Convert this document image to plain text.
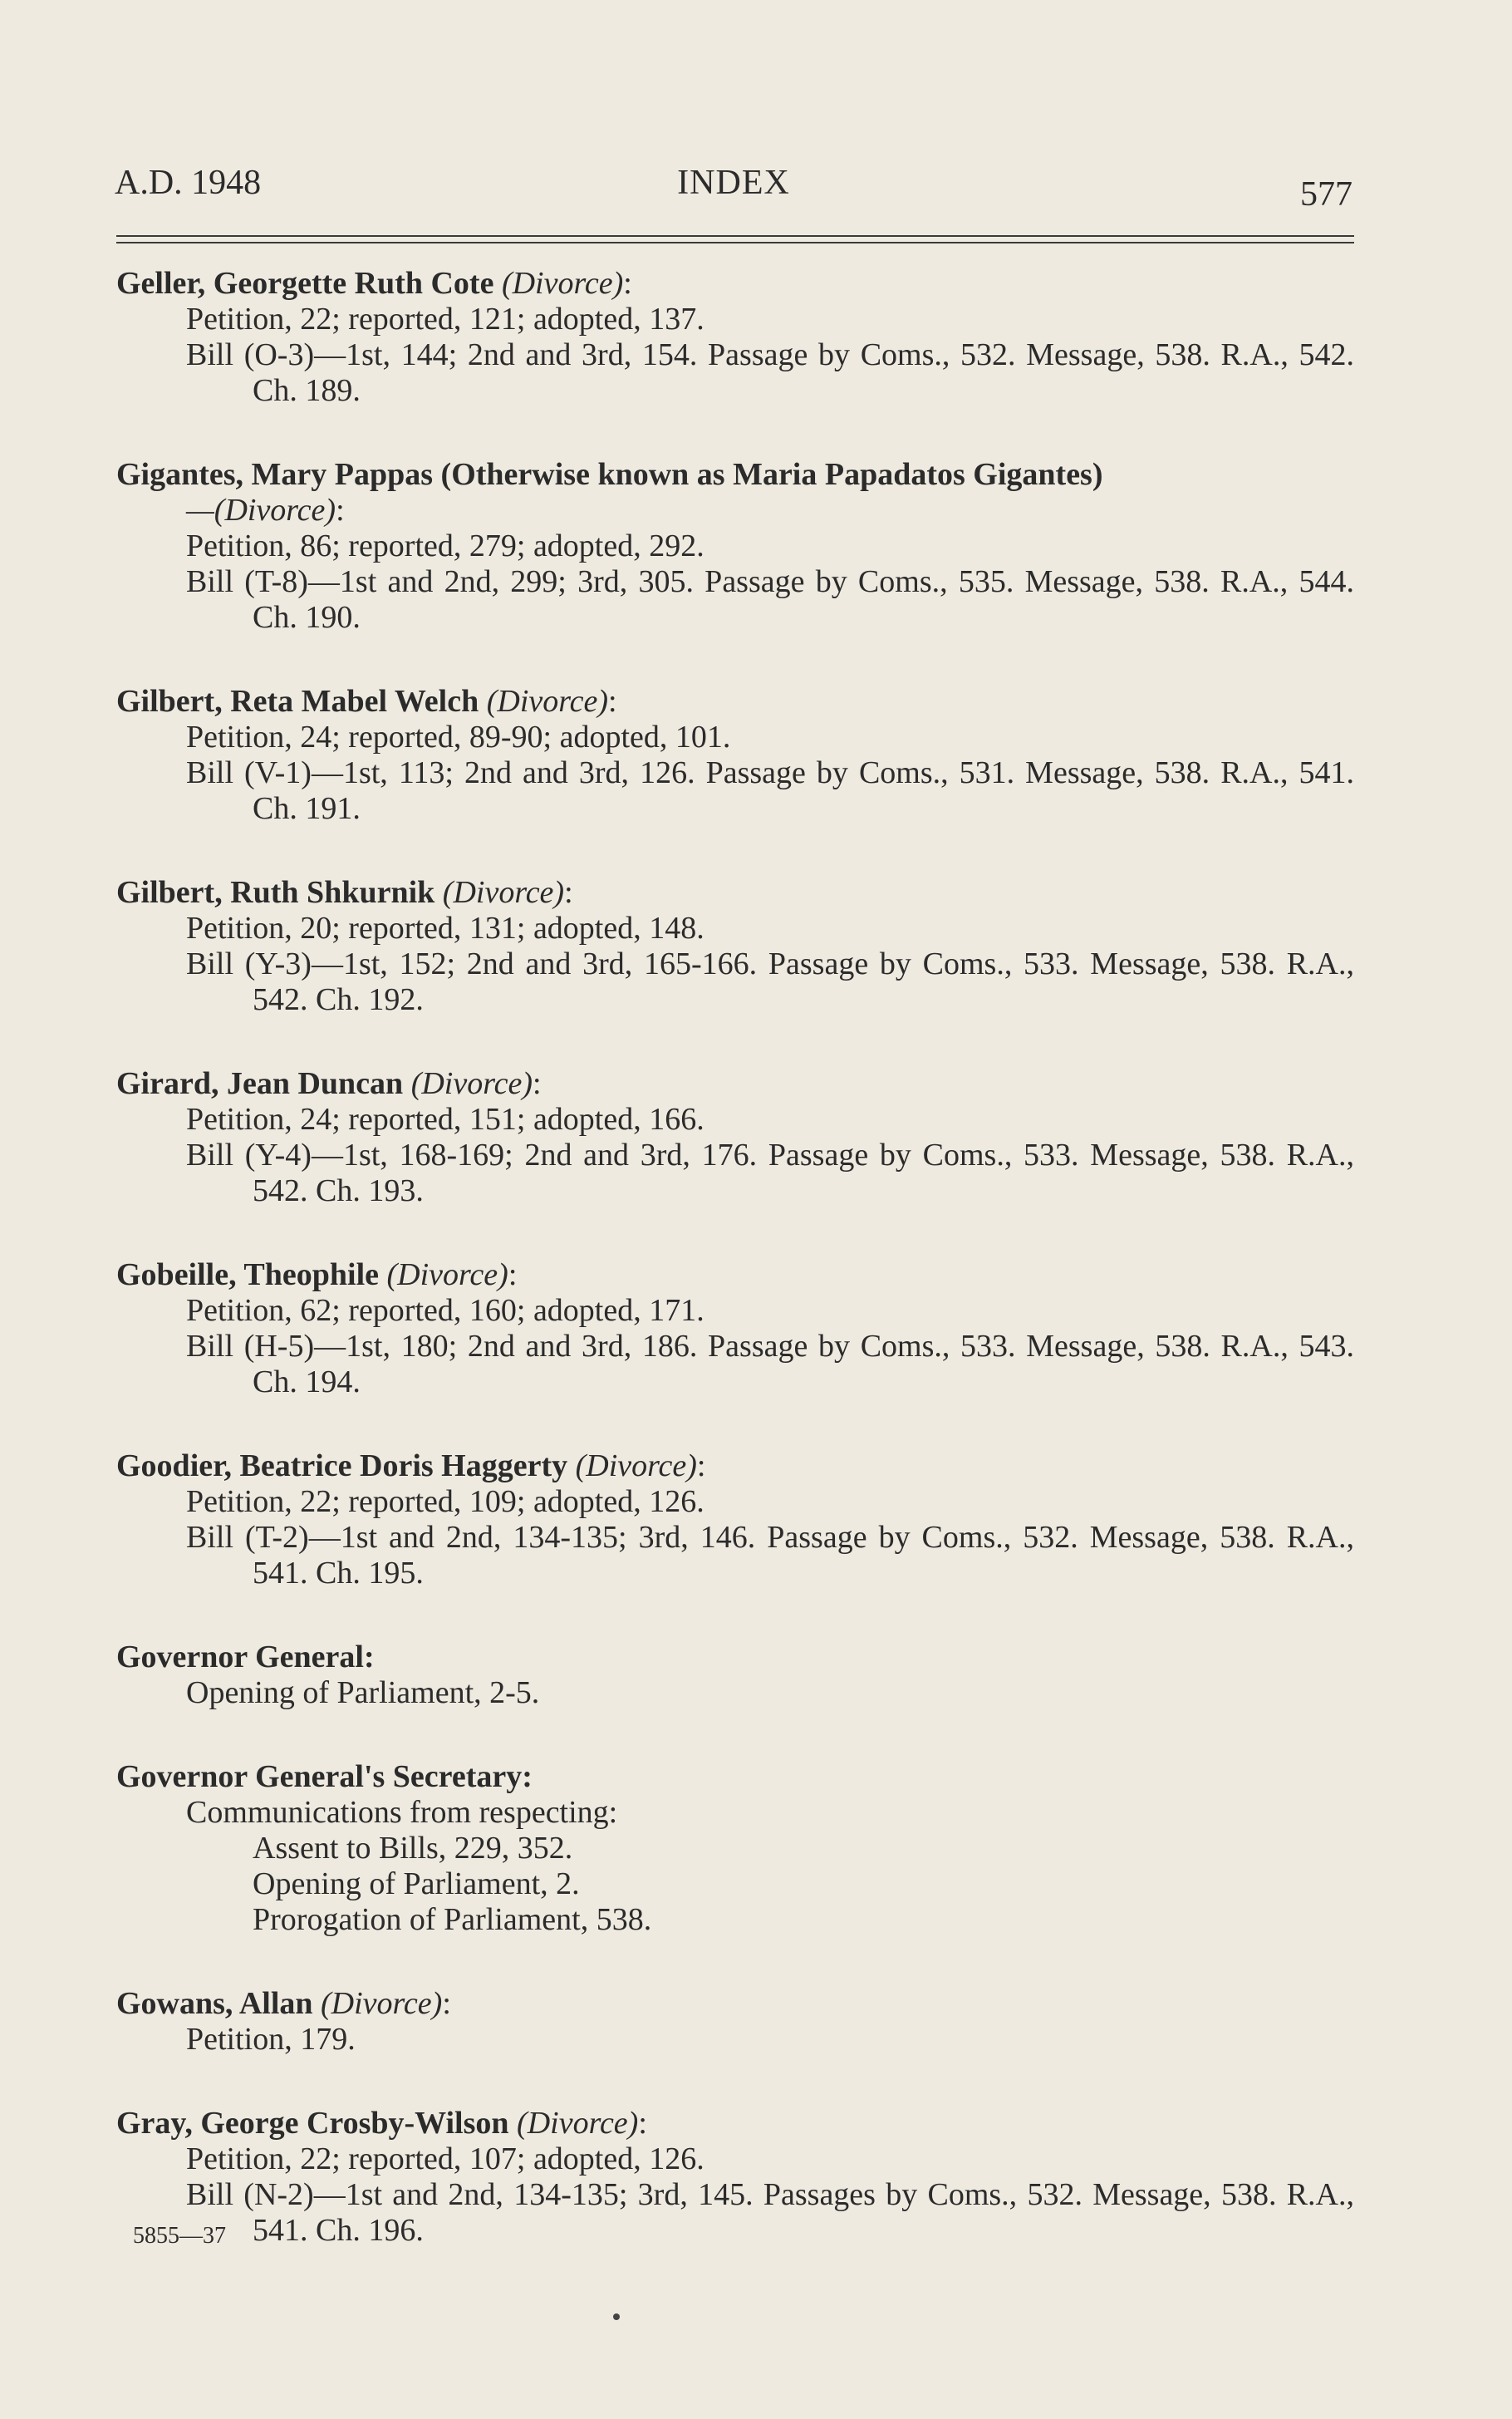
A.D. 1948	INDEX	577
Geller, Georgette Ruth Cote (Divorce):
Petition, 22; reported, 121; adopted, 137.
Bill (O-3)—1st, 144; 2nd and 3rd, 154. Passage by Coms., 532. Message, 538. R.A., 542. Ch. 189.
Gigantes, Mary Pappas (Otherwise known as Maria Papadatos Gigantes)
—(Divorce):
Petition, 86; reported, 279; adopted, 292.
Bill (T-8)—1st and 2nd, 299; 3rd, 305. Passage by Coms., 535. Message, 538. R.A., 544. Ch. 190.
Gilbert, Reta Mabel Welch (Divorce):
Petition, 24; reported, 89-90; adopted, 101.
Bill (V-1)—1st, 113; 2nd and 3rd, 126. Passage by Coms., 531. Message, 538. R.A., 541. Ch. 191.
Gilbert, Ruth Shkurnik (Divorce):
Petition, 20; reported, 131; adopted, 148.
Bill (Y-3)—1st, 152; 2nd and 3rd, 165-166. Passage by Coms., 533. Message, 538. R.A., 542. Ch. 192.
Girard, Jean Duncan (Divorce):
Petition, 24; reported, 151; adopted, 166.
Bill (Y-4)—1st, 168-169; 2nd and 3rd, 176. Passage by Coms., 533. Message, 538. R.A., 542. Ch. 193.
Gobeille, Theophile (Divorce):
Petition, 62; reported, 160; adopted, 171.
Bill (H-5)—1st, 180; 2nd and 3rd, 186. Passage by Coms., 533. Message, 538. R.A., 543. Ch. 194.
Goodier, Beatrice Doris Haggerty (Divorce):
Petition, 22; reported, 109; adopted, 126.
Bill (T-2)—1st and 2nd, 134-135; 3rd, 146. Passage by Coms., 532. Message, 538. R.A., 541. Ch. 195.
Governor General:
Opening of Parliament, 2-5.
Governor General's Secretary:
Communications from respecting:
Assent to Bills, 229, 352.
Opening of Parliament, 2.
Prorogation of Parliament, 538.
Gowans, Allan (Divorce):
Petition, 179.
Gray, George Crosby-Wilson (Divorce):
Petition, 22; reported, 107; adopted, 126.
Bill (N-2)—1st and 2nd, 134-135; 3rd, 145. Passages by Coms., 532. Message, 538. R.A., 541. Ch. 196.
5855—37
